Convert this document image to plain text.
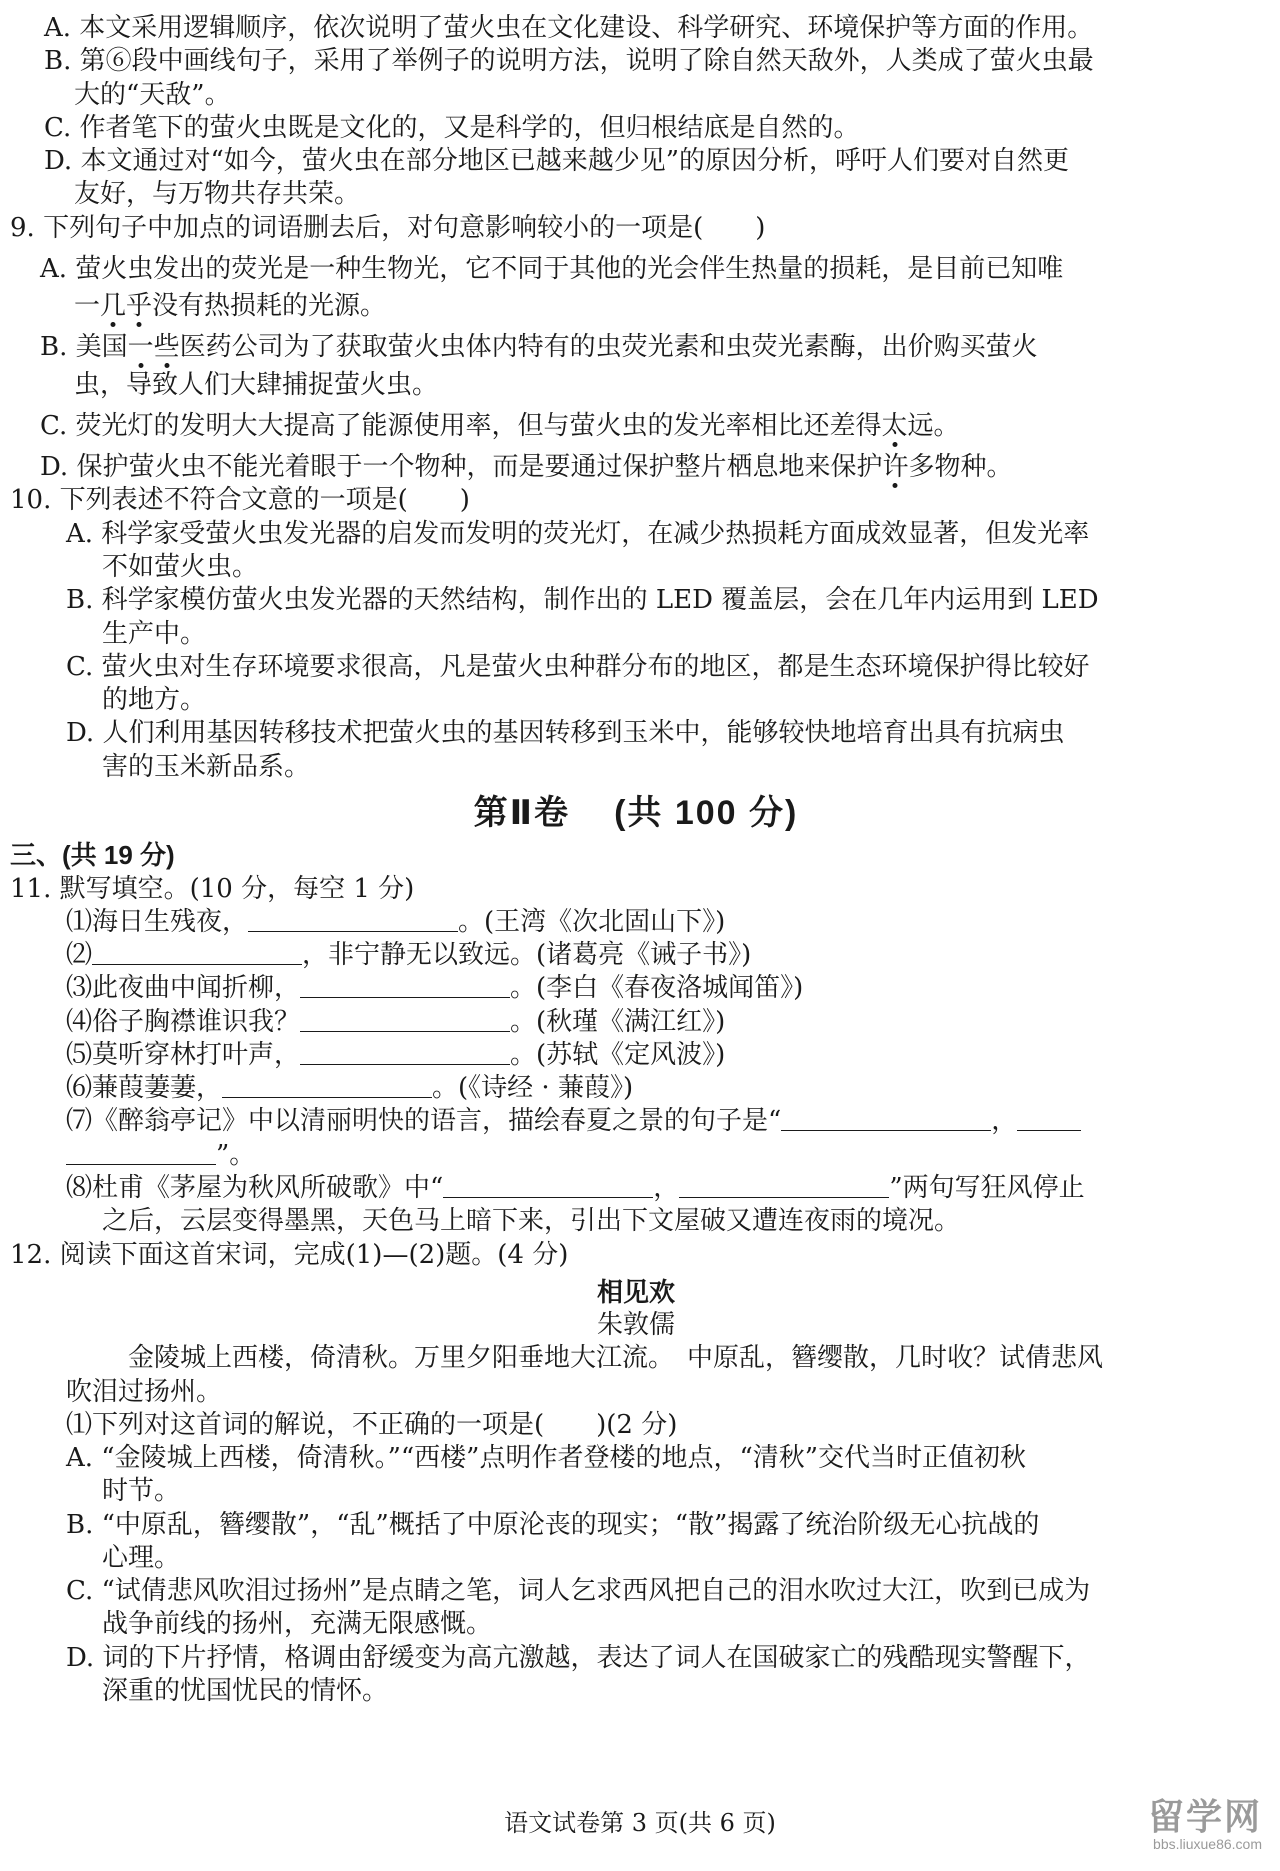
A. 本文采用逻辑顺序，依次说明了萤火虫在文化建设、科学研究、环境保护等方面的作用。

B. 第⑥段中画线句子，采用了举例子的说明方法，说明了除自然天敌外，人类成了萤火虫最

大的“天敌”。

C. 作者笔下的萤火虫既是文化的，又是科学的，但归根结底是自然的。

D. 本文通过对“如今，萤火虫在部分地区已越来越少见”的原因分析，呼吁人们要对自然更

友好，与万物共存共荣。

9. 下列句子中加点的词语删去后，对句意影响较小的一项是(　　)

A. 萤火虫发出的荧光是一种生物光，它不同于其他的光会伴生热量的损耗，是目前已知唯

一几乎没有热损耗的光源。

B. 美国一些医药公司为了获取萤火虫体内特有的虫荧光素和虫荧光素酶，出价购买萤火

虫，导致人们大肆捕捉萤火虫。

C. 荧光灯的发明大大提高了能源使用率，但与萤火虫的发光率相比还差得太远。

D. 保护萤火虫不能光着眼于一个物种，而是要通过保护整片栖息地来保护许多物种。

10. 下列表述不符合文意的一项是(　　)

A. 科学家受萤火虫发光器的启发而发明的荧光灯，在减少热损耗方面成效显著，但发光率

不如萤火虫。

B. 科学家模仿萤火虫发光器的天然结构，制作出的 LED 覆盖层，会在几年内运用到 LED

生产中。

C. 萤火虫对生存环境要求很高，凡是萤火虫种群分布的地区，都是生态环境保护得比较好

的地方。

D. 人们利用基因转移技术把萤火虫的基因转移到玉米中，能够较快地培育出具有抗病虫

害的玉米新品系。

第Ⅱ卷 (共 100 分)

三、(共 19 分)

11. 默写填空。(10 分，每空 1 分)

⑴海日生残夜，	。(王湾《次北固山下》)

⑵	，非宁静无以致远。(诸葛亮《诫子书》)

⑶此夜曲中闻折柳，	。(李白《春夜洛城闻笛》)

⑷俗子胸襟谁识我？	。(秋瑾《满江红》)

⑸莫听穿林打叶声，	。(苏轼《定风波》)

⑹蒹葭萋萋，	。(《诗经 · 蒹葭》)

⑺《醉翁亭记》中以清丽明快的语言，描绘春夏之景的句子是“	，

”。

⑻杜甫《茅屋为秋风所破歌》中“	，	”两句写狂风停止

之后，云层变得墨黑，天色马上暗下来，引出下文屋破又遭连夜雨的境况。

12. 阅读下面这首宋词，完成(1)—(2)题。(4 分)

相见欢

朱敦儒

金陵城上西楼，倚清秋。万里夕阳垂地大江流。　中原乱，簪缨散，几时收？试倩悲风

吹泪过扬州。

⑴下列对这首词的解说，不正确的一项是(　　)(2 分)

A. “金陵城上西楼，倚清秋。”“西楼”点明作者登楼的地点，“清秋”交代当时正值初秋

时节。

B. “中原乱，簪缨散”，“乱”概括了中原沦丧的现实；“散”揭露了统治阶级无心抗战的

心理。

C. “试倩悲风吹泪过扬州”是点睛之笔，词人乞求西风把自己的泪水吹过大江，吹到已成为

战争前线的扬州，充满无限感慨。

D. 词的下片抒情，格调由舒缓变为高亢激越，表达了词人在国破家亡的残酷现实警醒下，

深重的忧国忧民的情怀。

语文试卷第 3 页(共 6 页)	留学网
bbs.liuxue86.com
